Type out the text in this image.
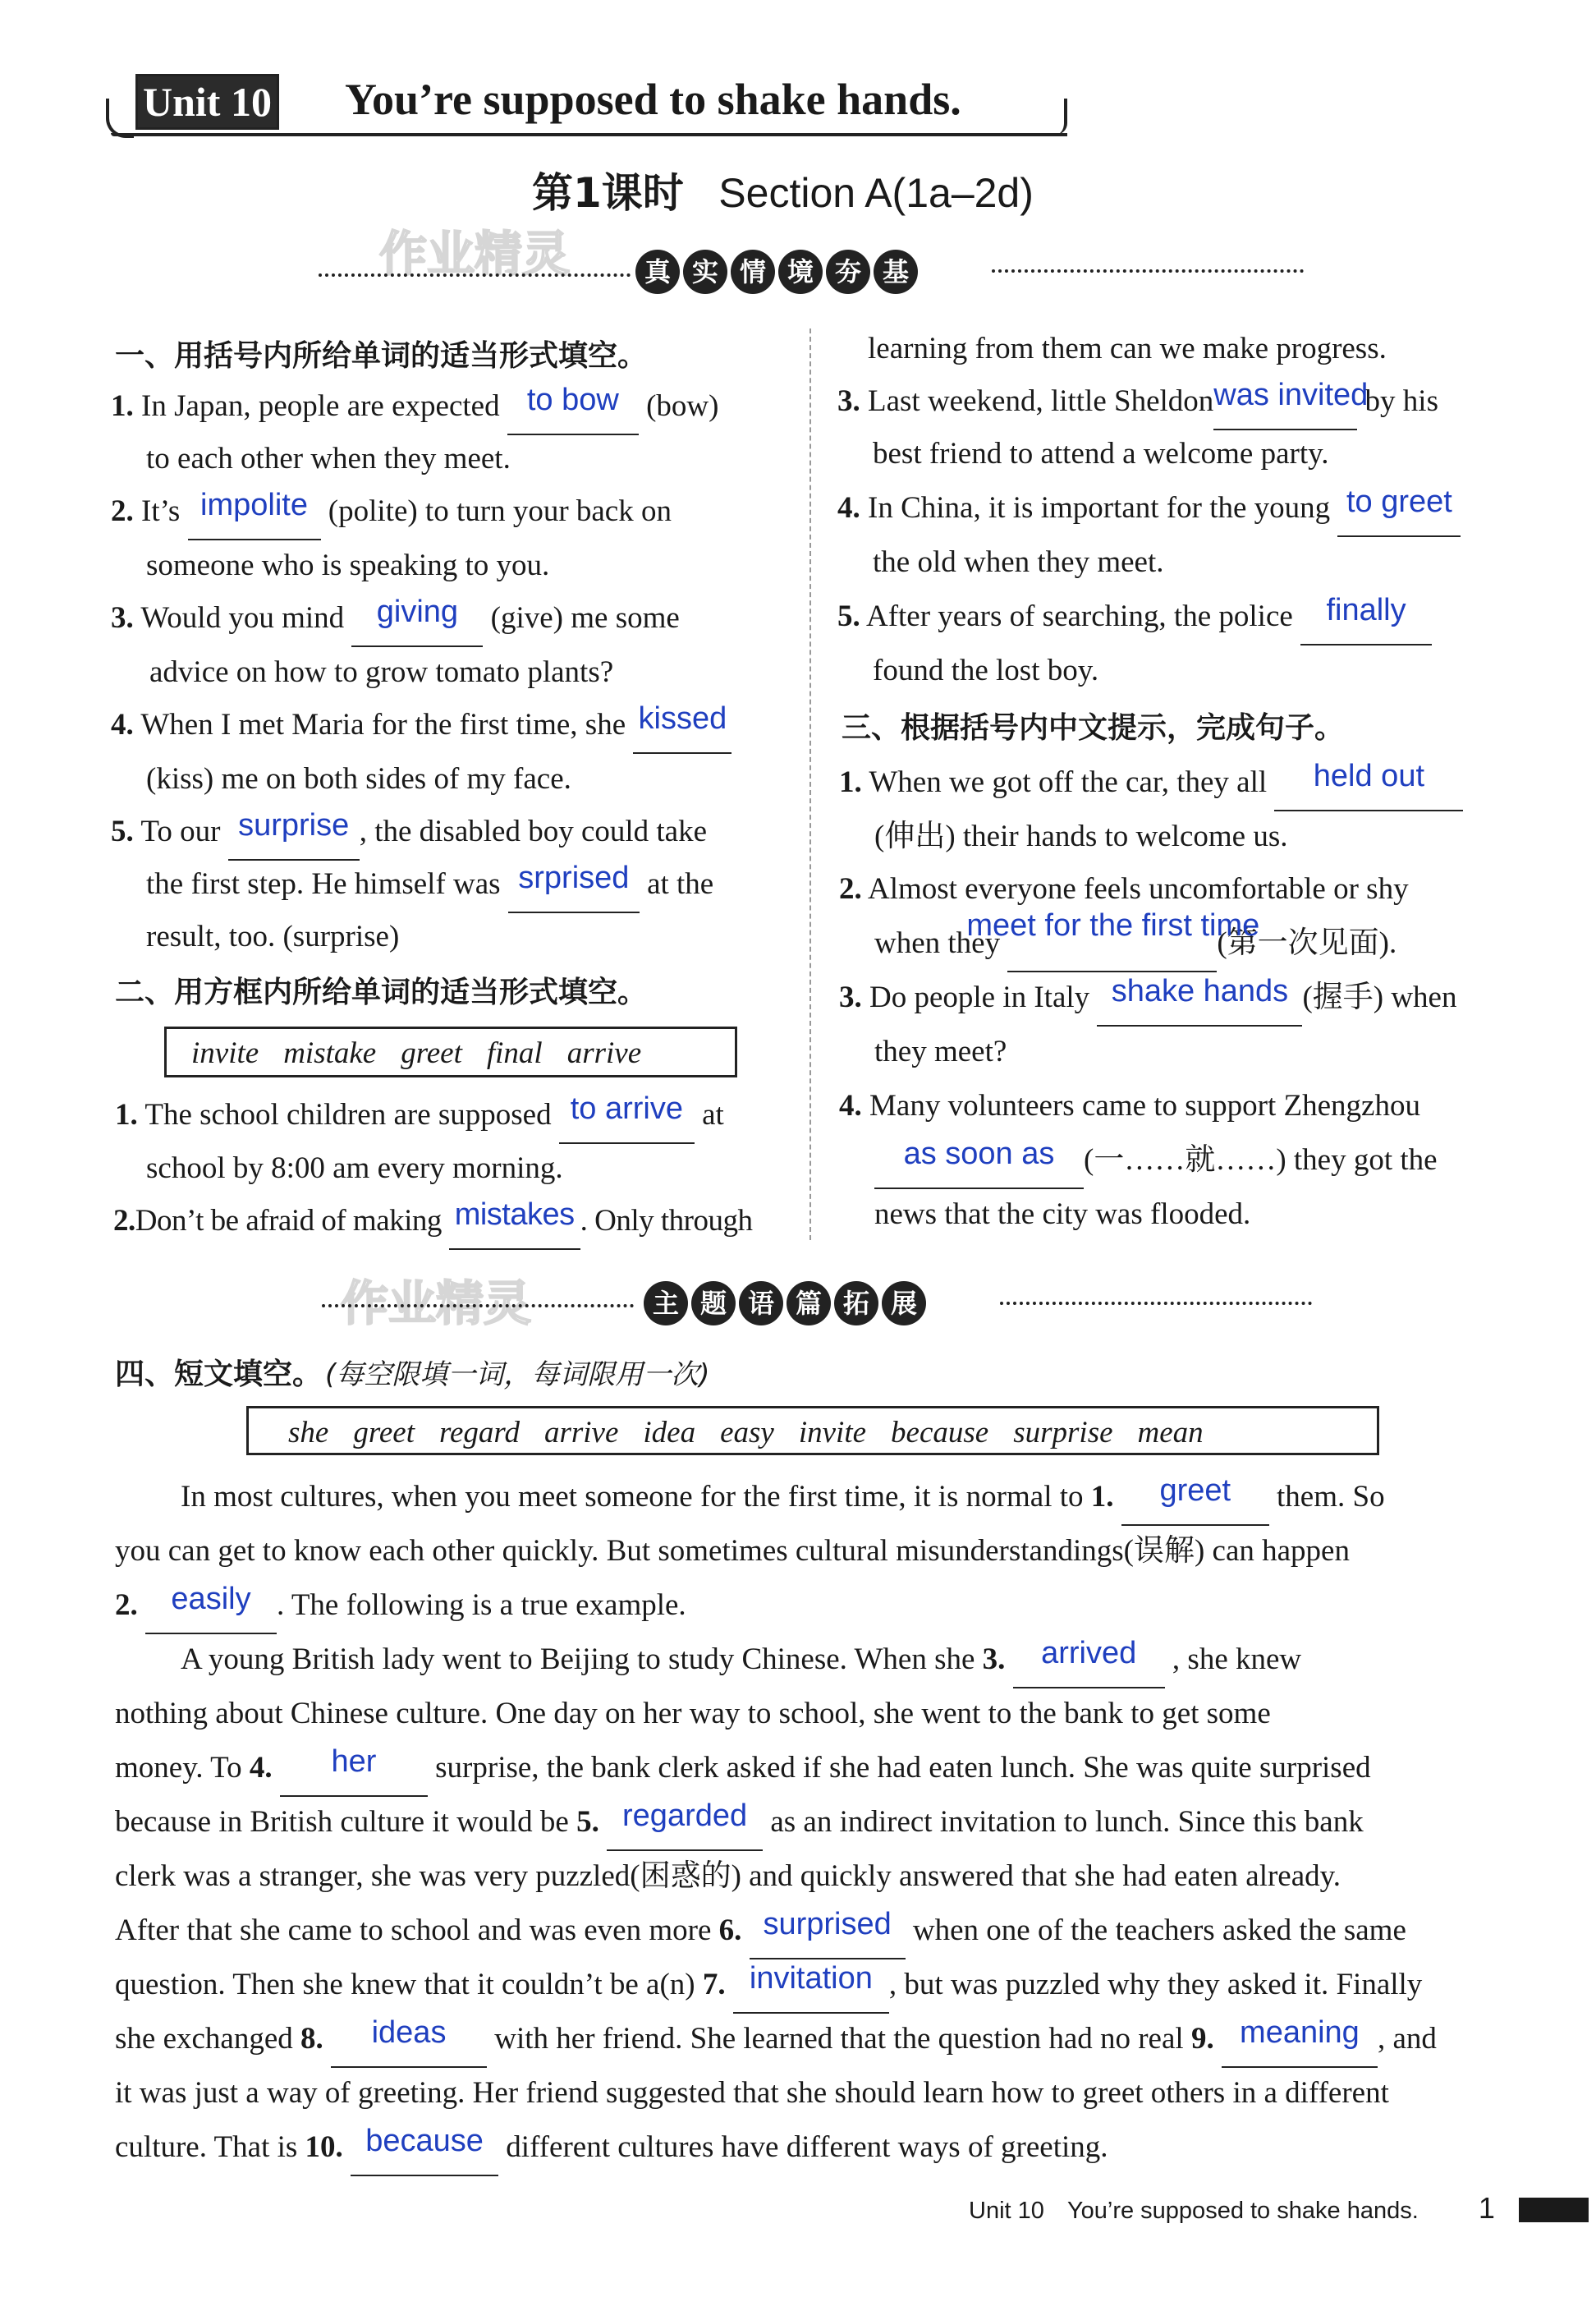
Unit 10 You’re supposed to shake hands.
第1课时 Section A(1a–2d)
作业精灵	真 实 情 境 夯 基
一、用括号内所给单词的适当形式填空。
1. In Japan, people are expected to bow (bow)
to each other when they meet.
2. It’s impolite (polite) to turn your back on
someone who is speaking to you.
3. Would you mind	giving	(give) me some
advice on how to grow tomato plants?
4. When I met Maria for the first time, she kissed

(kiss) me on both sides of my face.
5. To our surprise , the disabled boy could take
the first step. He himself was srprised at the
result, too. (surprise)
二、用方框内所给单词的适当形式填空。
invite mistake greet final arrive
1. The school children are supposed to arrive at
school by 8:00 am every morning.
2.Don’t be afraid of making mistakes . Only through
learning from them can we make progress.
3. Last weekend, little Sheldon was invited
by his
best friend to attend a welcome party.
4. In China, it is important for the young to greet

the old when they meet.
5. After years of searching, the police	finally

found the lost boy.
三、根据括号内中文提示，完成句子。
1. When we got off the car, they all	held out

(伸出) their hands to welcome us.
2. Almost everyone feels uncomfortable or shy
when they
meet for the first time
(第一次见面).
3. Do people in Italy shake hands (握手) when
they meet?
4. Many volunteers came to support Zhengzhou
as soon as (一……就……) they got the
news that the city was flooded.
作业精灵	主 题 语 篇 拓 展
四、短文填空。 (每空限填一词，每词限用一次)
she greet regard arrive idea easy invite because surprise mean
In most cultures, when you meet someone for the first time, it is normal to 1.	greet	them. So
you can get to know each other quickly. But sometimes cultural misunderstandings(误解) can happen
2.	easily . The following is a true example.
A young British lady went to Beijing to study Chinese. When she 3.	arrived	, she knew
nothing about Chinese culture. One day on her way to school, she went to the bank to get some
money. To 4.	her	surprise, the bank clerk asked if she had eaten lunch. She was quite surprised
because in British culture it would be 5. regarded as an indirect invitation to lunch. Since this bank
clerk was a stranger, she was very puzzled(困惑的) and quickly answered that she had eaten already.
After that she came to school and was even more 6. surprised when one of the teachers asked the same
question. Then she knew that it couldn’t be a(n) 7. invitation , but was puzzled why they asked it. Finally
she exchanged 8.	ideas	with her friend. She learned that the question had no real 9. meaning , and
it was just a way of greeting. Her friend suggested that she should learn how to greet others in a different
culture. That is 10. because different cultures have different ways of greeting.
Unit 10 You’re supposed to shake hands. 1
